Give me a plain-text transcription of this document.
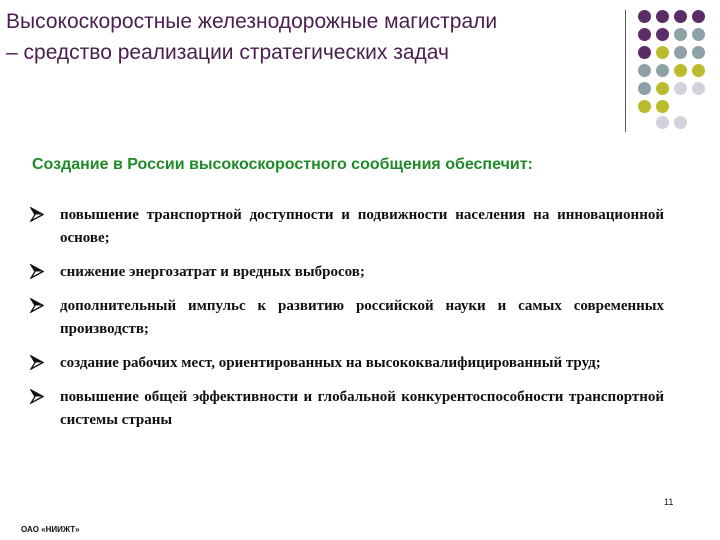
Высокоскоростные железнодорожные магистрали
– средство реализации стратегических задач

Создание в России высокоскоростного сообщения обеспечит:

повышение транспортной доступности и подвижности населения на инновационной основе;
снижение энергозатрат и вредных выбросов;
дополнительный импульс к развитию российской науки и самых современных производств;
создание рабочих мест, ориентированных на высококвалифицированный труд;
повышение общей эффективности и глобальной конкурентоспособности транспортной системы страны
11
ОАО «НИИЖТ»
